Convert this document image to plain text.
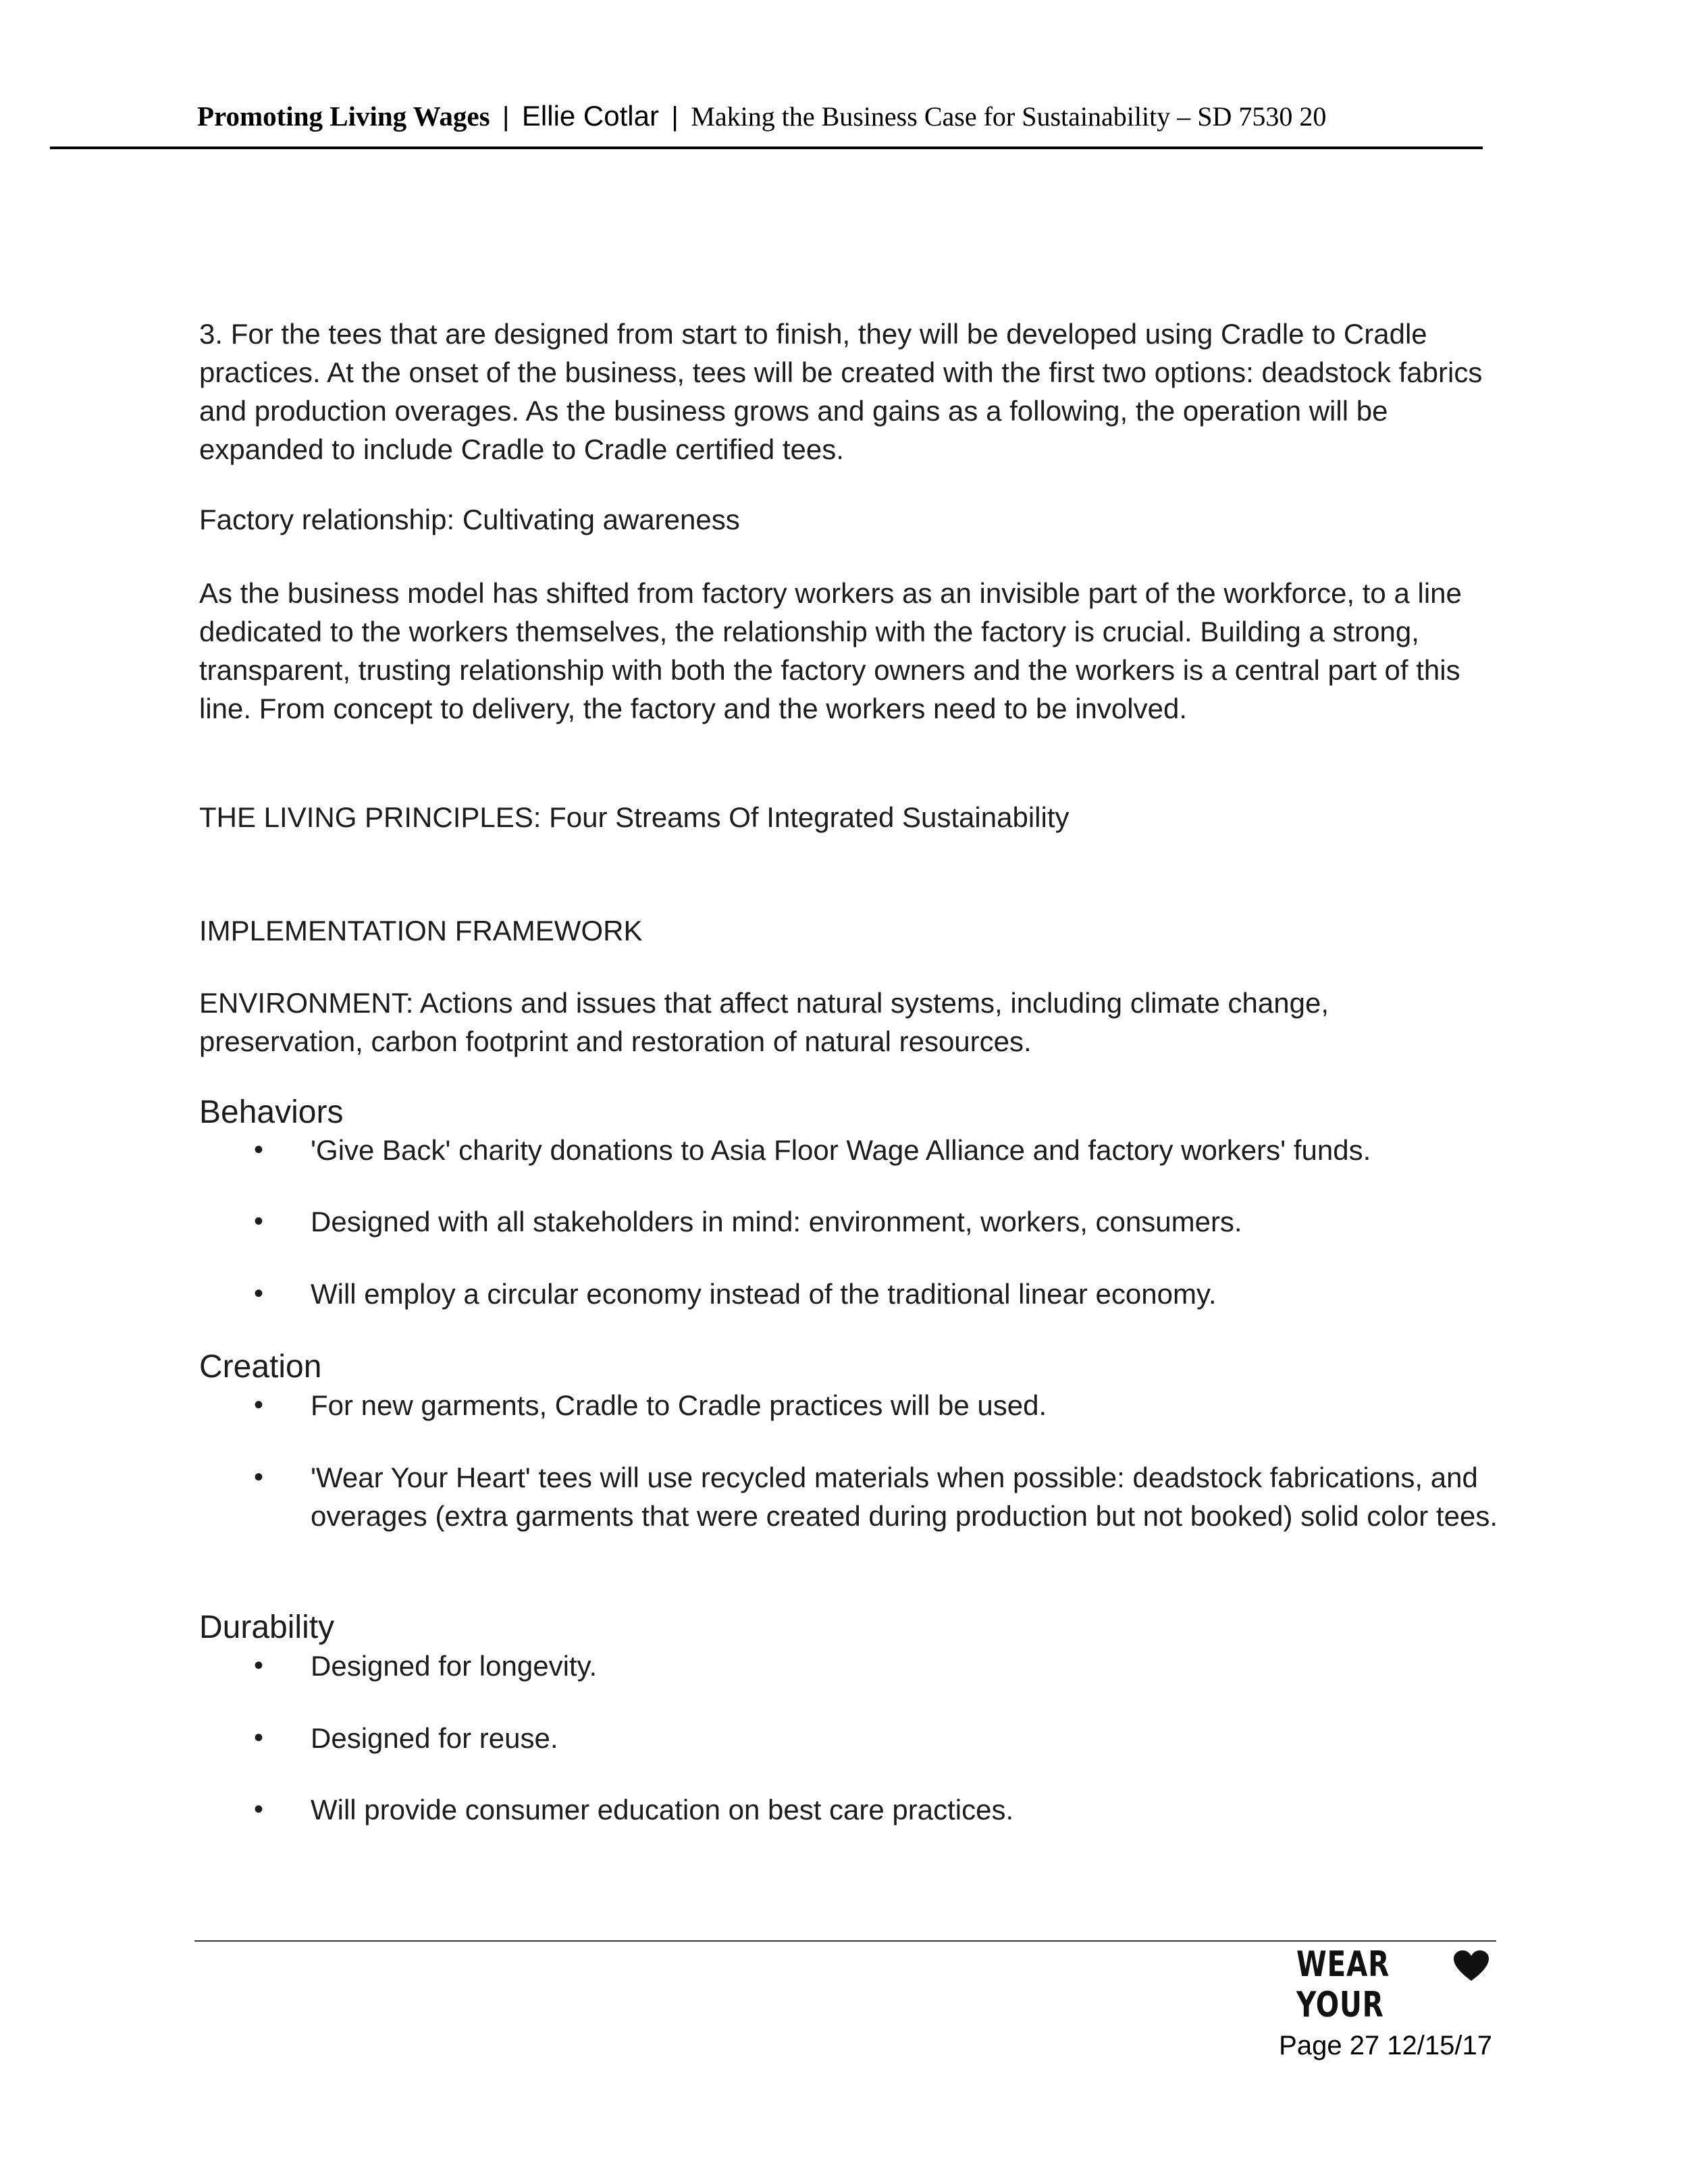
Promoting Living Wages | Ellie Cotlar | Making the Business Case for Sustainability – SD 7530 20
3. For the tees that are designed from start to finish, they will be developed using Cradle to Cradle practices. At the onset of the business, tees will be created with the first two options: deadstock fabrics and production overages. As the business grows and gains as a following, the operation will be expanded to include Cradle to Cradle certified tees.
Factory relationship: Cultivating awareness
As the business model has shifted from factory workers as an invisible part of the workforce, to a line dedicated to the workers themselves, the relationship with the factory is crucial. Building a strong, transparent, trusting relationship with both the factory owners and the workers is a central part of this line. From concept to delivery, the factory and the workers need to be involved.
THE LIVING PRINCIPLES: Four Streams Of Integrated Sustainability
IMPLEMENTATION FRAMEWORK
ENVIRONMENT: Actions and issues that affect natural systems, including climate change, preservation, carbon footprint and restoration of natural resources.
Behaviors
• 'Give Back' charity donations to Asia Floor Wage Alliance and factory workers' funds.
• Designed with all stakeholders in mind: environment, workers, consumers.
• Will employ a circular economy instead of the traditional linear economy.
Creation
• For new garments, Cradle to Cradle practices will be used.
• 'Wear Your Heart' tees will use recycled materials when possible: deadstock fabrications, and overages (extra garments that were created during production but not booked) solid color tees.
Durability
• Designed for longevity.
• Designed for reuse.
• Will provide consumer education on best care practices.
WEAR YOUR
Page 27 12/15/17
